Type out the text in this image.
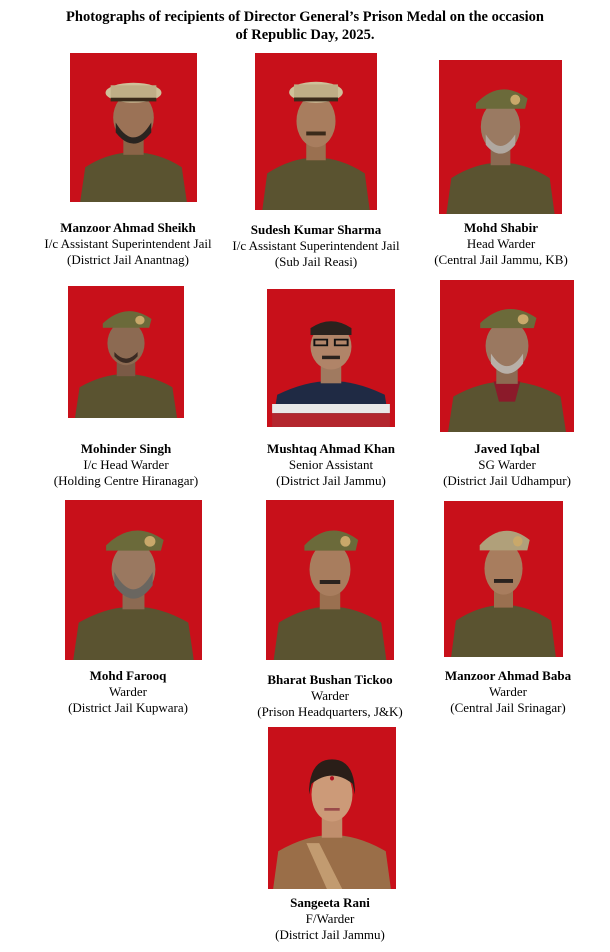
Photographs of recipients of Director General’s Prison Medal on the occasion
of Republic Day, 2025.
Manzoor Ahmad Sheikh
I/c Assistant Superintendent Jail
(District Jail Anantnag)
Sudesh Kumar Sharma
I/c Assistant Superintendent Jail
(Sub Jail Reasi)
Mohd Shabir
Head Warder
(Central Jail Jammu, KB)
Mohinder Singh
I/c Head Warder
(Holding Centre Hiranagar)
Mushtaq Ahmad Khan
Senior Assistant
(District Jail Jammu)
Javed Iqbal
SG Warder
(District Jail Udhampur)
Mohd Farooq
Warder
(District Jail Kupwara)
Bharat Bushan Tickoo
Warder
(Prison Headquarters, J&K)
Manzoor Ahmad Baba
Warder
(Central Jail Srinagar)
Sangeeta Rani
F/Warder
(District Jail Jammu)
